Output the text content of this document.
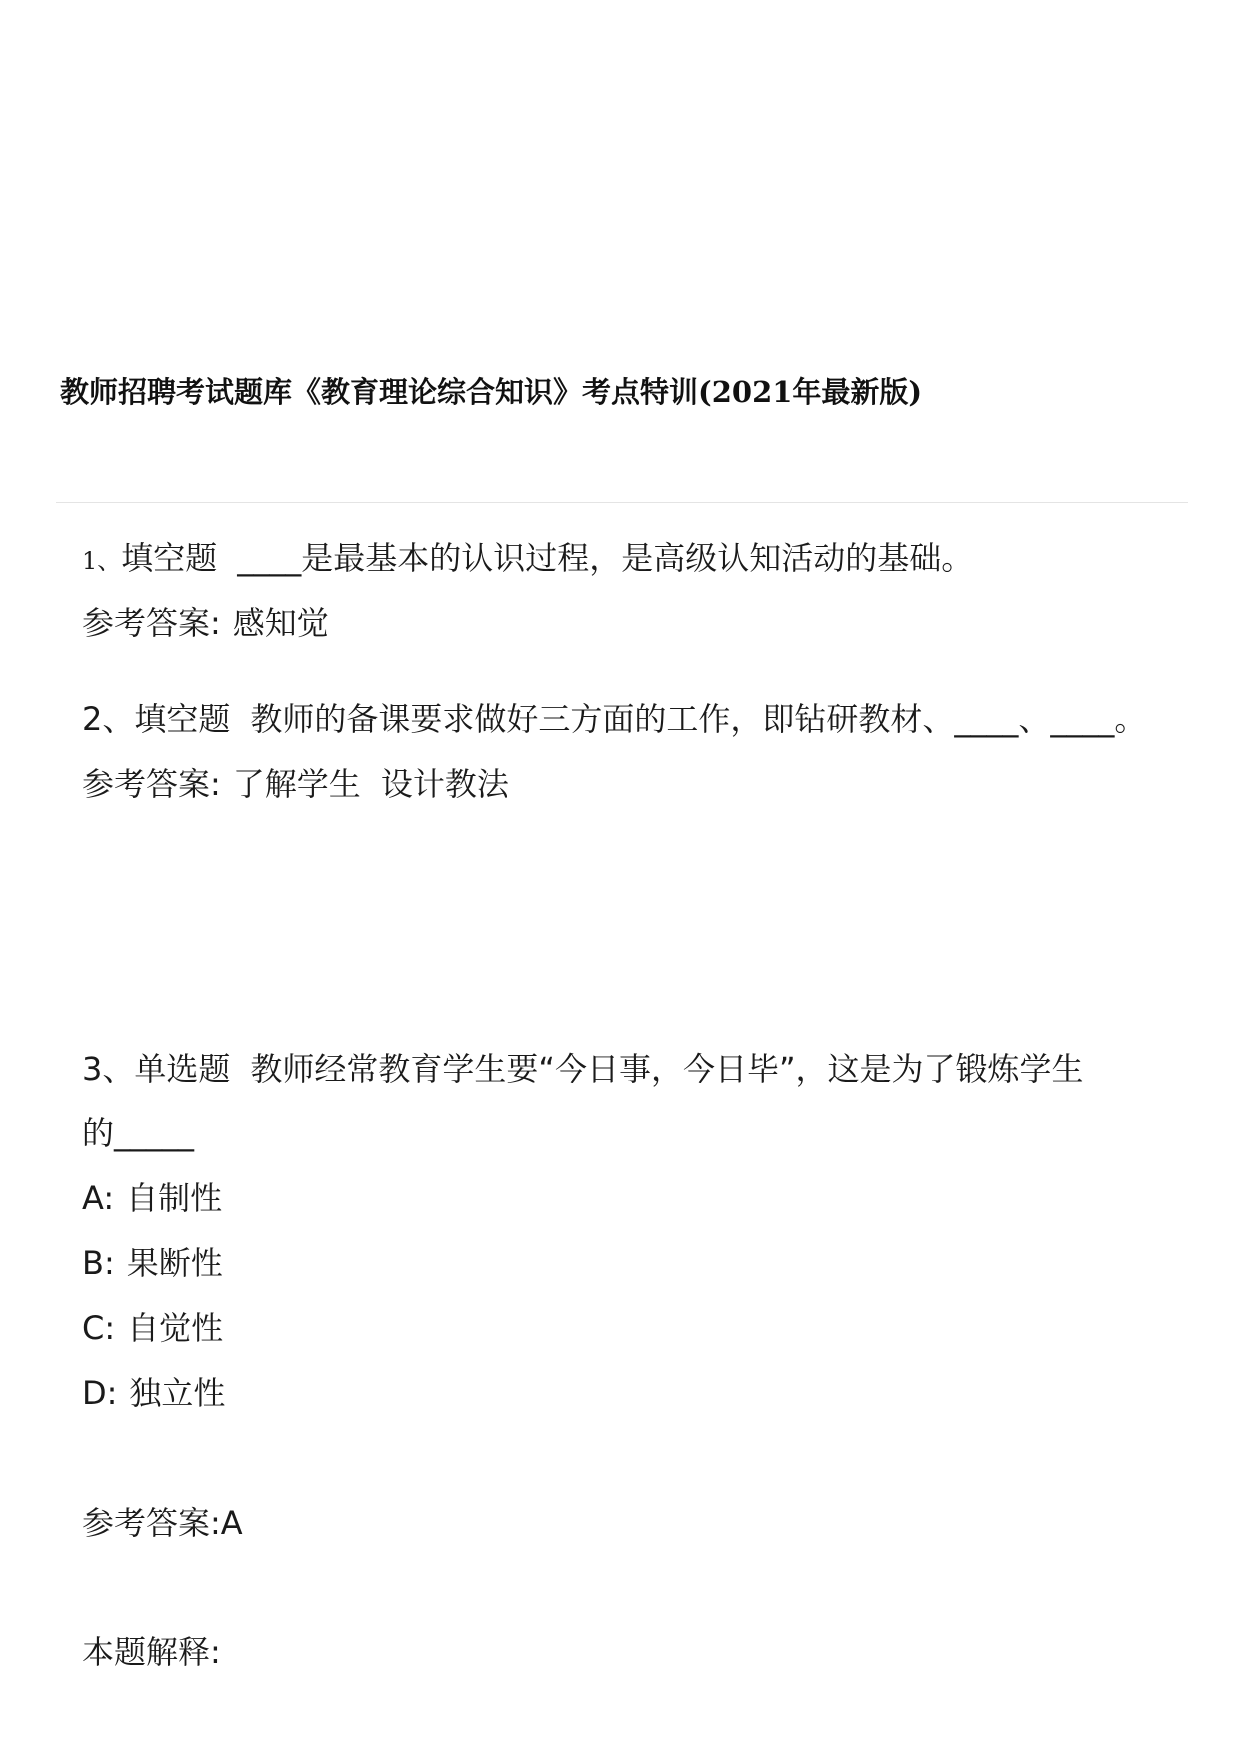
教师招聘考试题库《教育理论综合知识》考点特训(2021年最新版)
1、填空题 ____是最基本的认识过程，是高级认知活动的基础。
参考答案: 感知觉
2、填空题 教师的备课要求做好三方面的工作，即钻研教材、____、____。
参考答案: 了解学生 设计教法
3、单选题 教师经常教育学生要“今日事，今日毕”，这是为了锻炼学生
的_____
A: 自制性
B: 果断性
C: 自觉性
D: 独立性
参考答案:A
本题解释:
